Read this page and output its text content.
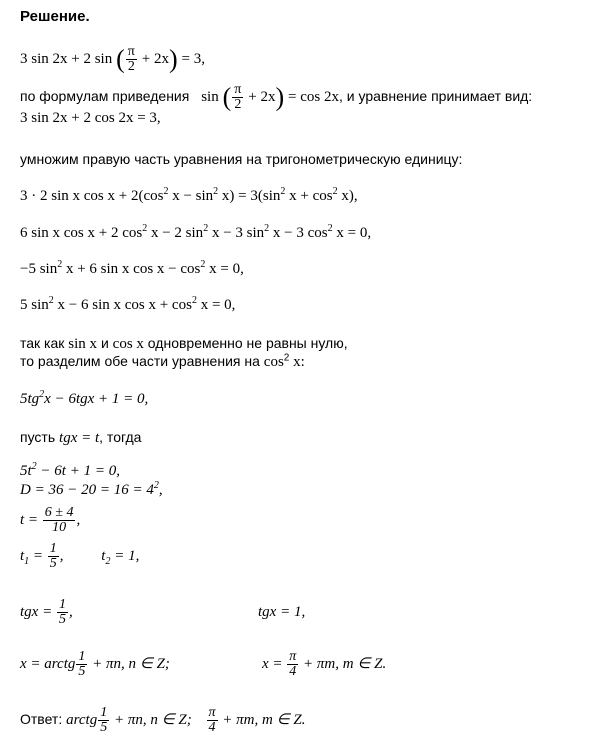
Решение.
3 sin 2x + 2 sin ( $\frac{\pi}{2} + 2x) = 3$,
по формулам приведения sin ( $\frac{\pi}{2} + 2x) = \cos 2x$, и уравнение принимает вид:
3 sin 2x + 2 cos 2x = 3,
умножим правую часть уравнения на тригонометрическую единицу:
3 · 2 sin x $\cos x + 2(\cos^2$ $x - \sin^2 x) = 3(\sin^2$ $x + \cos^2 x$),
6 sin x cos x + 2 $\cos^2 x - 2$ $\sin^2 x - 3$ $\sin^2 x - 3$ $\cos^2 x = 0$,
−5 $\sin^2 x + 6$ sin x $\cos x - \cos^2 x = 0$,
5 $\sin^2 x - 6$ sin x $\cos x + \cos^2 x = 0$,
так как sin x и cos x одновременно не равны нулю,
то разделим обе части уравнения на $\cos^2 x$:
$5tg^2x - 6tgx + 1 = 0$,
пусть tgx = t, тогда
$5t^2 - 6t + 1 = 0$,
$D = 36 - 20 = 16 = 4^2$,
$t = \frac{6 \pm 4}{10}$ ,
$t_1 = \frac{1}{5}$ ,	$t_2 = 1$,
tgx = $\frac{1}{5}$ ,	tgx = 1,
x = arctg $\frac{1}{5} + \pi n$, n ∈ Z;	$x = \frac{\pi}{4} + \pi m$, m ∈ Z.
Ответ: arctg $\frac{1}{5} + \pi n$, n ∈ Z; $\frac{\pi}{4} + \pi m$, m ∈ Z.
